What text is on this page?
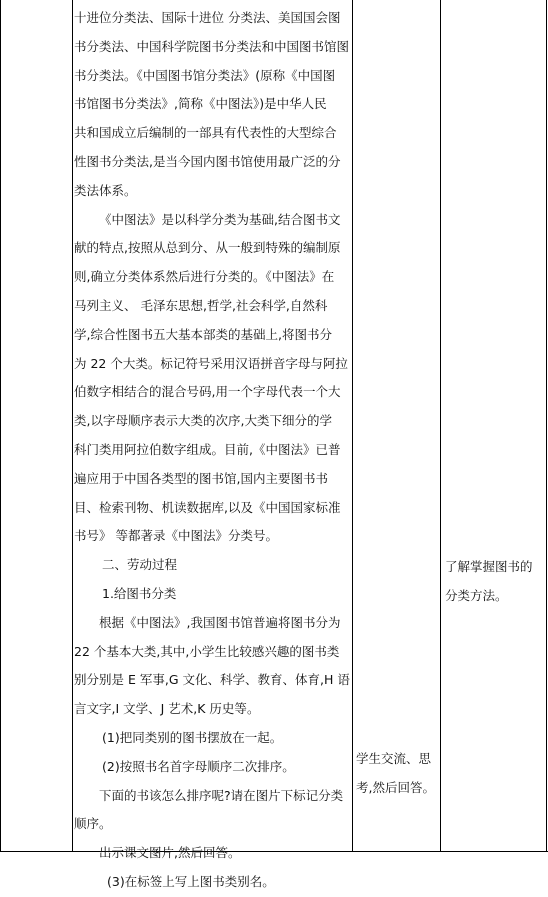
十进位分类法、国际十进位 分类法、美国国会图

书分类法、中国科学院图书分类法和中国图书馆图

书分类法。《中国图书馆分类法》(原称《中国图

书馆图书分类法》,简称《中图法》)是中华人民

共和国成立后编制的一部具有代表性的大型综合

性图书分类法,是当今国内图书馆使用最广泛的分

类法体系。

《中图法》是以科学分类为基础,结合图书文

献的特点,按照从总到分、从一般到特殊的编制原

则,确立分类体系然后进行分类的。《中图法》在

马列主义、 毛泽东思想,哲学,社会科学,自然科

学,综合性图书五大基本部类的基础上,将图书分

为 22 个大类。标记符号采用汉语拼音字母与阿拉

伯数字相结合的混合号码,用一个字母代表一个大

类,以字母顺序表示大类的次序,大类下细分的学

科门类用阿拉伯数字组成。目前,《中图法》已普

遍应用于中国各类型的图书馆,国内主要图书书

目、检索刊物、机读数据库,以及《中国国家标准

书号》 等都著录《中图法》分类号。

二、劳动过程

1.给图书分类

根据《中图法》,我国图书馆普遍将图书分为

22 个基本大类,其中,小学生比较感兴趣的图书类

别分别是 E 军事,G 文化、科学、教育、体育,H 语

言文字,I 文学、J 艺术,K 历史等。

(1)把同类别的图书摆放在一起。

(2)按照书名首字母顺序二次排序。

下面的书该怎么排序呢?请在图片下标记分类

顺序。

出示课文图片,然后回答。

(3)在标签上写上图书类别名。

学生交流、思
考,然后回答。
了解掌握图书的
分类方法。
